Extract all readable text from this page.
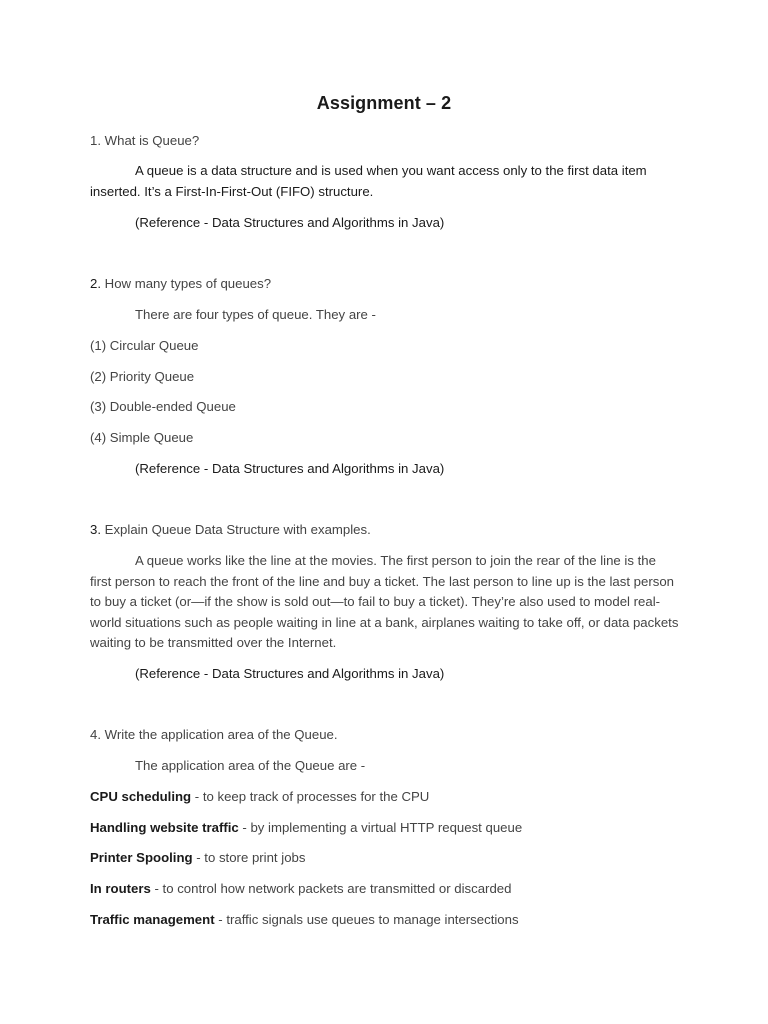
Assignment – 2
1. What is Queue?
A queue is a data structure and is used when you want access only to the first data item inserted. It’s a First-In-First-Out (FIFO) structure.
(Reference - Data Structures and Algorithms in Java)
2. How many types of queues?
There are four types of queue. They are -
(1) Circular Queue
(2) Priority Queue
(3) Double-ended Queue
(4) Simple Queue
(Reference - Data Structures and Algorithms in Java)
3. Explain Queue Data Structure with examples.
A queue works like the line at the movies. The first person to join the rear of the line is the first person to reach the front of the line and buy a ticket. The last person to line up is the last person to buy a ticket (or—if the show is sold out—to fail to buy a ticket). They’re also used to model real-world situations such as people waiting in line at a bank, airplanes waiting to take off, or data packets waiting to be transmitted over the Internet.
(Reference - Data Structures and Algorithms in Java)
4. Write the application area of the Queue.
The application area of the Queue are -
CPU scheduling - to keep track of processes for the CPU
Handling website traffic - by implementing a virtual HTTP request queue
Printer Spooling - to store print jobs
In routers - to control how network packets are transmitted or discarded
Traffic management - traffic signals use queues to manage intersections
